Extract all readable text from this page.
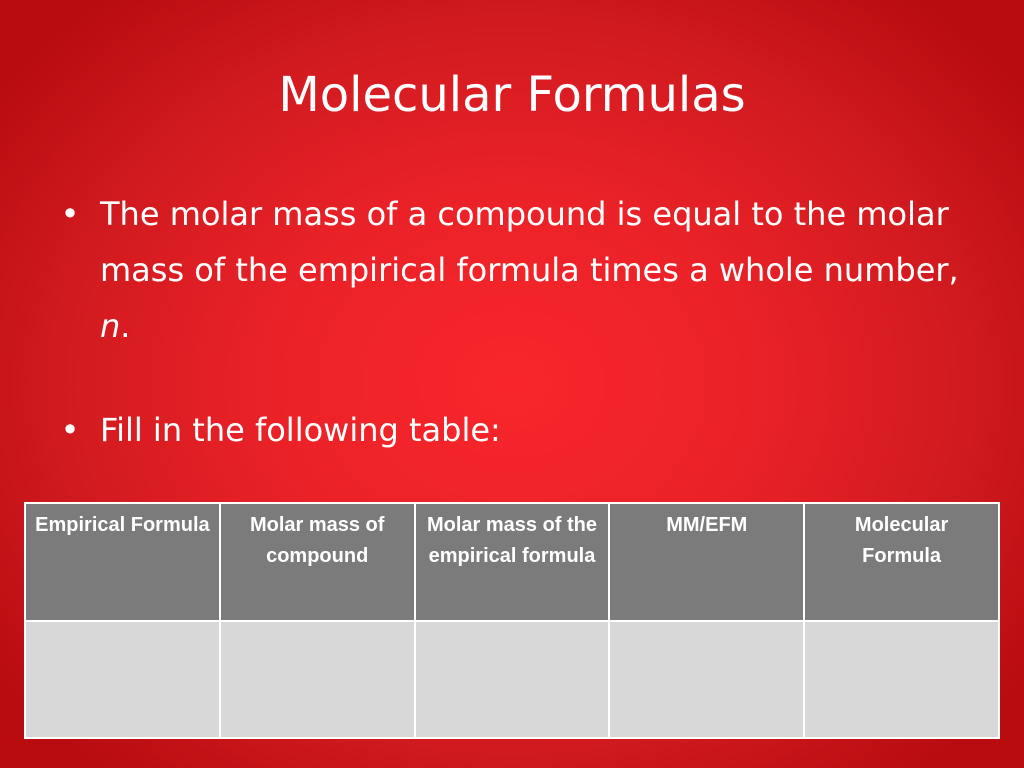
Molecular Formulas
• The molar mass of a compound is equal to the molar mass of the empirical formula times a whole number, n.
• Fill in the following table:
Empirical Formula	Molar mass of compound	Molar mass of the empirical formula	MM/EFM	Molecular Formula
